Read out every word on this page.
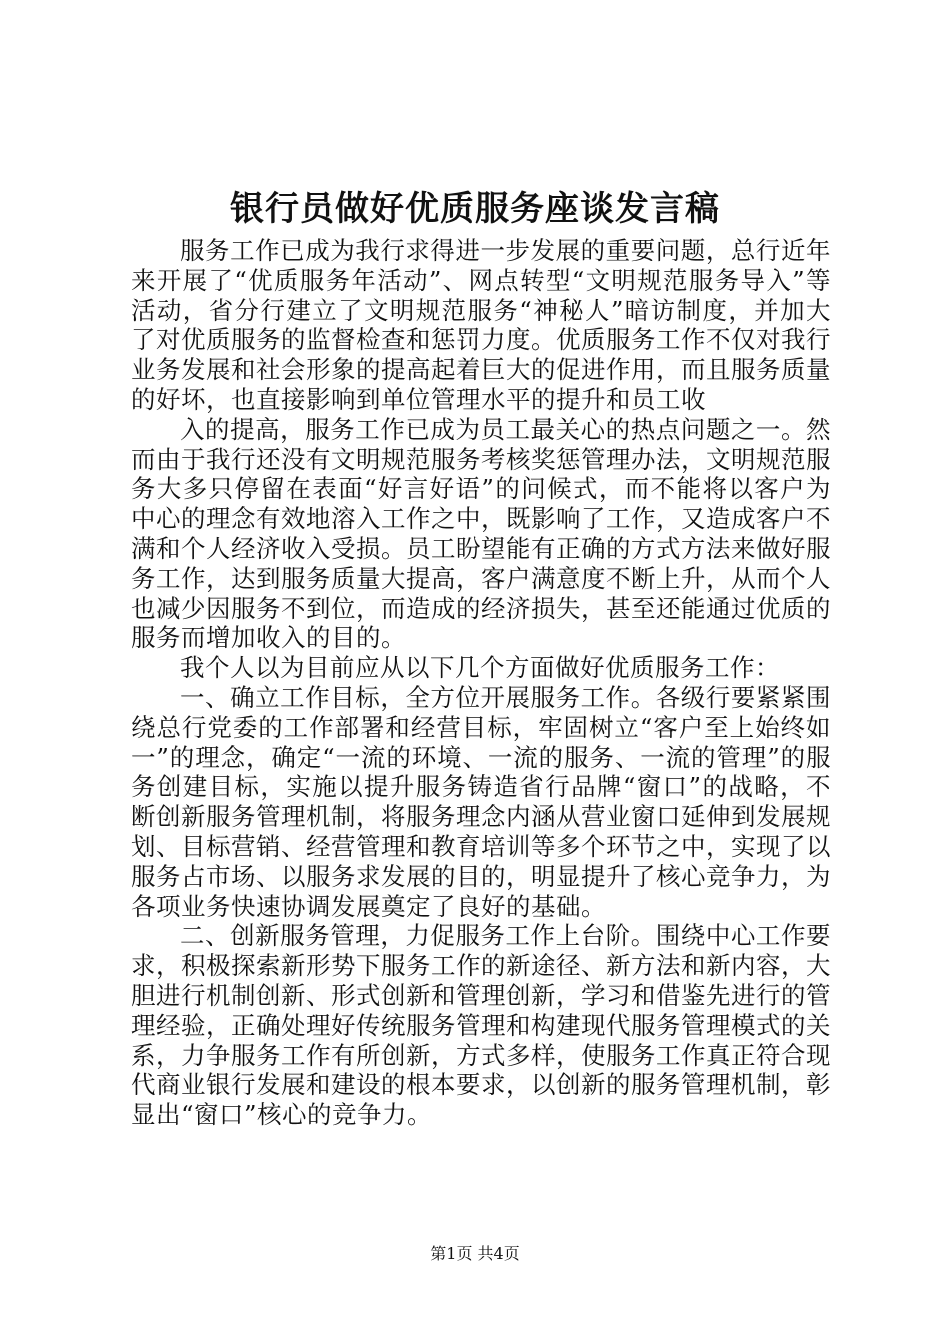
银行员做好优质服务座谈发言稿

服务工作已成为我行求得进一步发展的重要问题，总行近年来开展了“优质服务年活动”、网点转型“文明规范服务导入”等活动，省分行建立了文明规范服务“神秘人”暗访制度，并加大了对优质服务的监督检查和惩罚力度。优质服务工作不仅对我行业务发展和社会形象的提高起着巨大的促进作用，而且服务质量的好坏，也直接影响到单位管理水平的提升和员工收

入的提高，服务工作已成为员工最关心的热点问题之一。然而由于我行还没有文明规范服务考核奖惩管理办法，文明规范服务大多只停留在表面“好言好语”的问候式，而不能将以客户为中心的理念有效地溶入工作之中，既影响了工作，又造成客户不满和个人经济收入受损。员工盼望能有正确的方式方法来做好服务工作，达到服务质量大提高，客户满意度不断上升，从而个人也减少因服务不到位，而造成的经济损失，甚至还能通过优质的服务而增加收入的目的。

我个人以为目前应从以下几个方面做好优质服务工作：

一、确立工作目标，全方位开展服务工作。各级行要紧紧围绕总行党委的工作部署和经营目标，牢固树立“客户至上始终如一”的理念，确定“一流的环境、一流的服务、一流的管理”的服务创建目标，实施以提升服务铸造省行品牌“窗口”的战略，不断创新服务管理机制，将服务理念内涵从营业窗口延伸到发展规划、目标营销、经营管理和教育培训等多个环节之中，实现了以服务占市场、以服务求发展的目的，明显提升了核心竞争力，为各项业务快速协调发展奠定了良好的基础。

二、创新服务管理，力促服务工作上台阶。围绕中心工作要求，积极探索新形势下服务工作的新途径、新方法和新内容，大胆进行机制创新、形式创新和管理创新，学习和借鉴先进行的管理经验，正确处理好传统服务管理和构建现代服务管理模式的关系，力争服务工作有所创新，方式多样，使服务工作真正符合现代商业银行发展和建设的根本要求，以创新的服务管理机制，彰显出“窗口”核心的竞争力。

第1页 共4页
